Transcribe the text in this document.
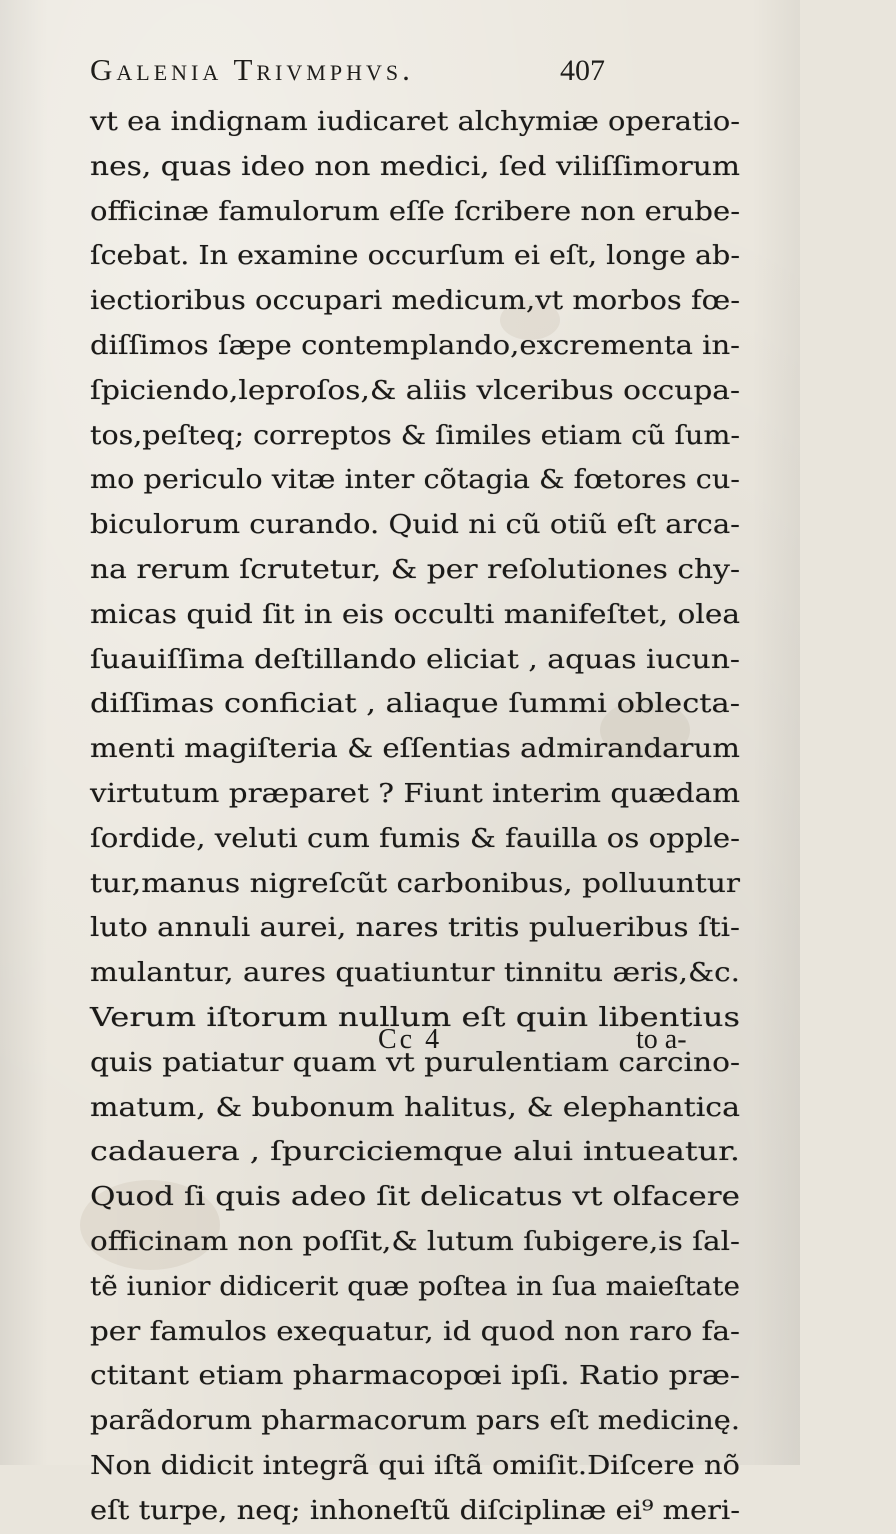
Galenia Trivmphvs.	407
vt ea indignam iudicaret alchymiæ operatio-
nes, quas ideo non medici, ſed viliſſimorum
officinæ famulorum eſſe ſcribere non erube-
ſcebat. In examine occurſum ei eſt, longe ab-
iectioribus occupari medicum,vt morbos fœ-
diſſimos ſæpe contemplando,excrementa in-
ſpiciendo,leproſos,& aliis vlceribus occupa-
tos,peſteq; correptos & ſimiles etiam cũ ſum-
mo periculo vitæ inter cõtagia & fœtores cu-
biculorum curando. Quid ni cũ otiũ eſt arca-
na rerum ſcrutetur, & per reſolutiones chy-
micas quid ſit in eis occulti manifeſtet, olea
ſuauiſſima deſtillando eliciat , aquas iucun-
diſſimas conficiat , aliaque ſummi oblecta-
menti magiſteria & eſſentias admirandarum
virtutum præparet ? Fiunt interim quædam
ſordide, veluti cum fumis & fauilla os opple-
tur,manus nigreſcũt carbonibus, polluuntur
luto annuli aurei, nares tritis pulueribus ſti-
mulantur, aures quatiuntur tinnitu æris,&c.
Verum iſtorum nullum eſt quin libentius
quis patiatur quam vt purulentiam carcino-
matum, & bubonum halitus, & elephantica
cadauera , ſpurciciemque alui intueatur.
Quod ſi quis adeo ſit delicatus vt olfacere
officinam non poſſit,& lutum ſubigere,is ſal-
tẽ iunior didicerit quæ poſtea in ſua maieſtate
per famulos exequatur, id quod non raro fa-
ctitant etiam pharmacopœi ipſi. Ratio præ-
parãdorum pharmacorum pars eſt medicinę.
Non didicit integrã qui iſtã omiſit.Diſcere nõ
eſt turpe, neq; inhoneſtũ diſciplinæ ei⁹ meri-
Cc 4	to a-
